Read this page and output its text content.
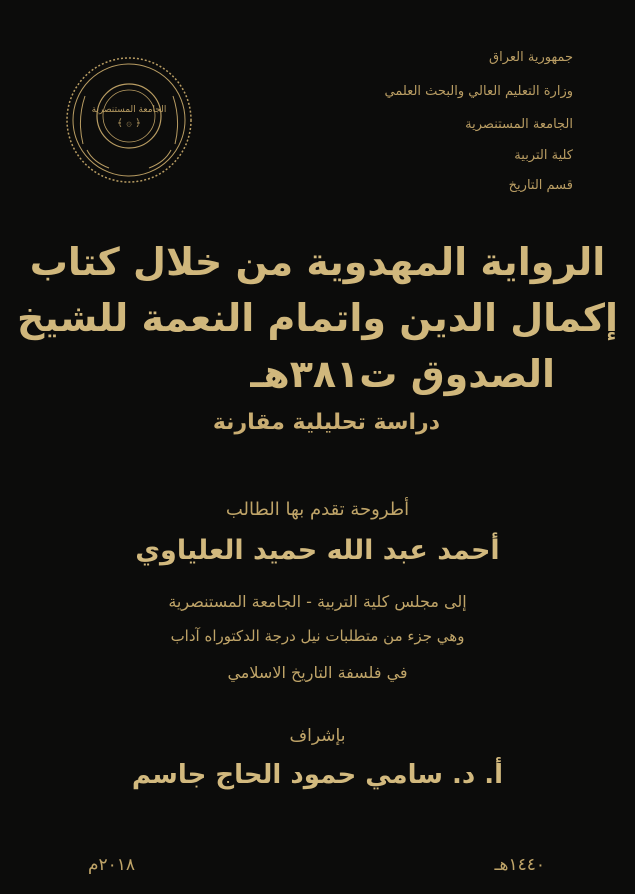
الجامعة المستنصرية
﴾ ۞ ﴿
جمهورية العراق
وزارة التعليم العالي والبحث العلمي
الجامعة المستنصرية
كلية التربية
قسم التاريخ
الرواية المهدوية من خلال كتاب
إكمال الدين واتمام النعمة للشيخ
الصدوق ت٣٨١هـ
دراسة تحليلية مقارنة
أطروحة تقدم بها الطالب
أحمد عبد الله حميد العلياوي
إلى مجلس كلية التربية - الجامعة المستنصرية
وهي جزء من متطلبات نيل درجة الدكتوراه آداب
في فلسفة التاريخ الاسلامي
بإشراف
أ. د. سامي حمود الحاج جاسم
١٤٤٠هـ
٢٠١٨م
